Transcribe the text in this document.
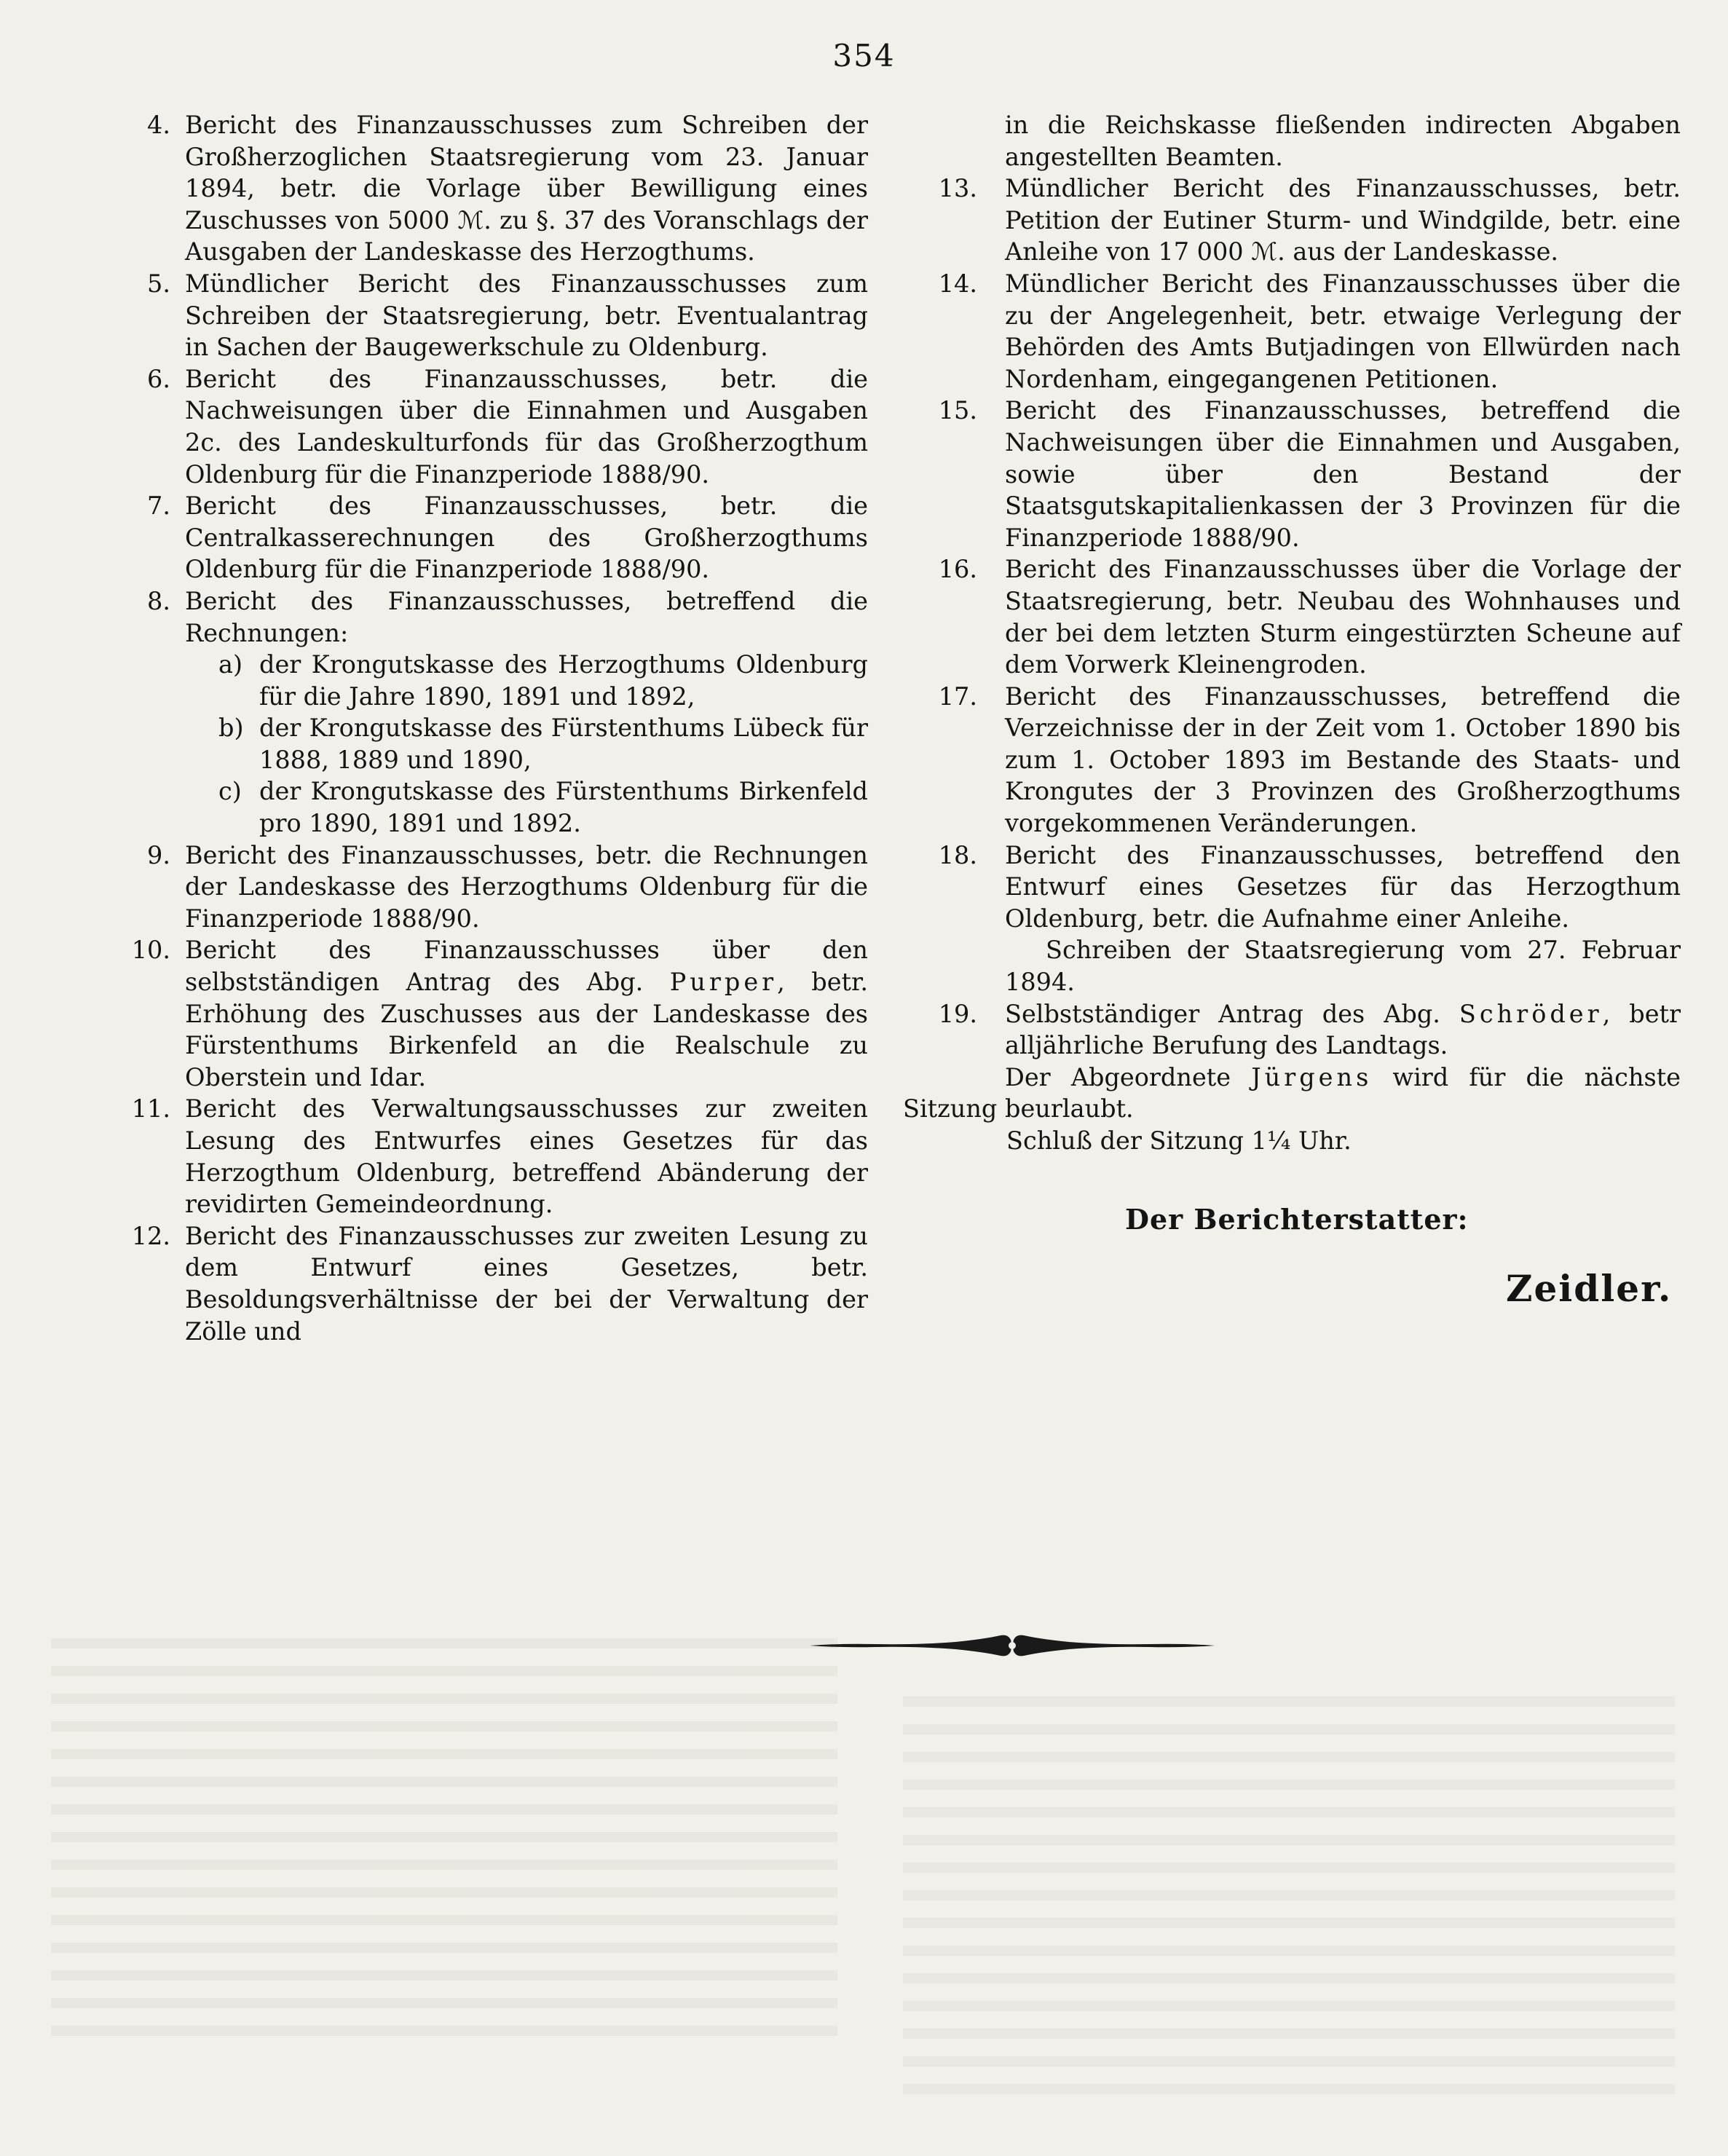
354
4. Bericht des Finanzausschusses zum Schreiben der Großherzoglichen Staatsregierung vom 23. Januar 1894, betr. die Vorlage über Bewilligung eines Zuschusses von 5000 ℳ. zu §. 37 des Voranschlags der Ausgaben der Landeskasse des Herzogthums.
5. Mündlicher Bericht des Finanzausschusses zum Schreiben der Staatsregierung, betr. Eventualantrag in Sachen der Baugewerkschule zu Oldenburg.
6. Bericht des Finanzausschusses, betr. die Nachweisungen über die Einnahmen und Ausgaben 2c. des Landeskulturfonds für das Großherzogthum Oldenburg für die Finanzperiode 1888/90.
7. Bericht des Finanzausschusses, betr. die Centralkasserechnungen des Großherzogthums Oldenburg für die Finanzperiode 1888/90.
8. Bericht des Finanzausschusses, betreffend die Rechnungen:
a) der Krongutskasse des Herzogthums Oldenburg für die Jahre 1890, 1891 und 1892,
b) der Krongutskasse des Fürstenthums Lübeck für 1888, 1889 und 1890,
c) der Krongutskasse des Fürstenthums Birkenfeld pro 1890, 1891 und 1892.
9. Bericht des Finanzausschusses, betr. die Rechnungen der Landeskasse des Herzogthums Oldenburg für die Finanzperiode 1888/90.
10. Bericht des Finanzausschusses über den selbstständigen Antrag des Abg. Purper, betr. Erhöhung des Zuschusses aus der Landeskasse des Fürstenthums Birkenfeld an die Realschule zu Oberstein und Idar.
11. Bericht des Verwaltungsausschusses zur zweiten Lesung des Entwurfes eines Gesetzes für das Herzogthum Oldenburg, betreffend Abänderung der revidirten Gemeindeordnung.
12. Bericht des Finanzausschusses zur zweiten Lesung zu dem Entwurf eines Gesetzes, betr. Besoldungsverhältnisse der bei der Verwaltung der Zölle und

in die Reichskasse fließenden indirecten Abgaben angestellten Beamten.

13. Mündlicher Bericht des Finanzausschusses, betr. Petition der Eutiner Sturm- und Windgilde, betr. eine Anleihe von 17 000 ℳ. aus der Landeskasse.
14. Mündlicher Bericht des Finanzausschusses über die zu der Angelegenheit, betr. etwaige Verlegung der Behörden des Amts Butjadingen von Ellwürden nach Nordenham, eingegangenen Petitionen.
15. Bericht des Finanzausschusses, betreffend die Nachweisungen über die Einnahmen und Ausgaben, sowie über den Bestand der Staatsgutskapitalienkassen der 3 Provinzen für die Finanzperiode 1888/90.
16. Bericht des Finanzausschusses über die Vorlage der Staatsregierung, betr. Neubau des Wohnhauses und der bei dem letzten Sturm eingestürzten Scheune auf dem Vorwerk Kleinengroden.
17. Bericht des Finanzausschusses, betreffend die Verzeichnisse der in der Zeit vom 1. October 1890 bis zum 1. October 1893 im Bestande des Staats- und Krongutes der 3 Provinzen des Großherzogthums vorgekommenen Veränderungen.
18. Bericht des Finanzausschusses, betreffend den Entwurf eines Gesetzes für das Herzogthum Oldenburg, betr. die Aufnahme einer Anleihe.

Schreiben der Staatsregierung vom 27. Februar 1894.

19. Selbstständiger Antrag des Abg. Schröder, betr alljährliche Berufung des Landtags.

Der Abgeordnete Jürgens wird für die nächste Sitzung beurlaubt.

Schluß der Sitzung 1¼ Uhr.

Der Berichterstatter:
Zeidler.
